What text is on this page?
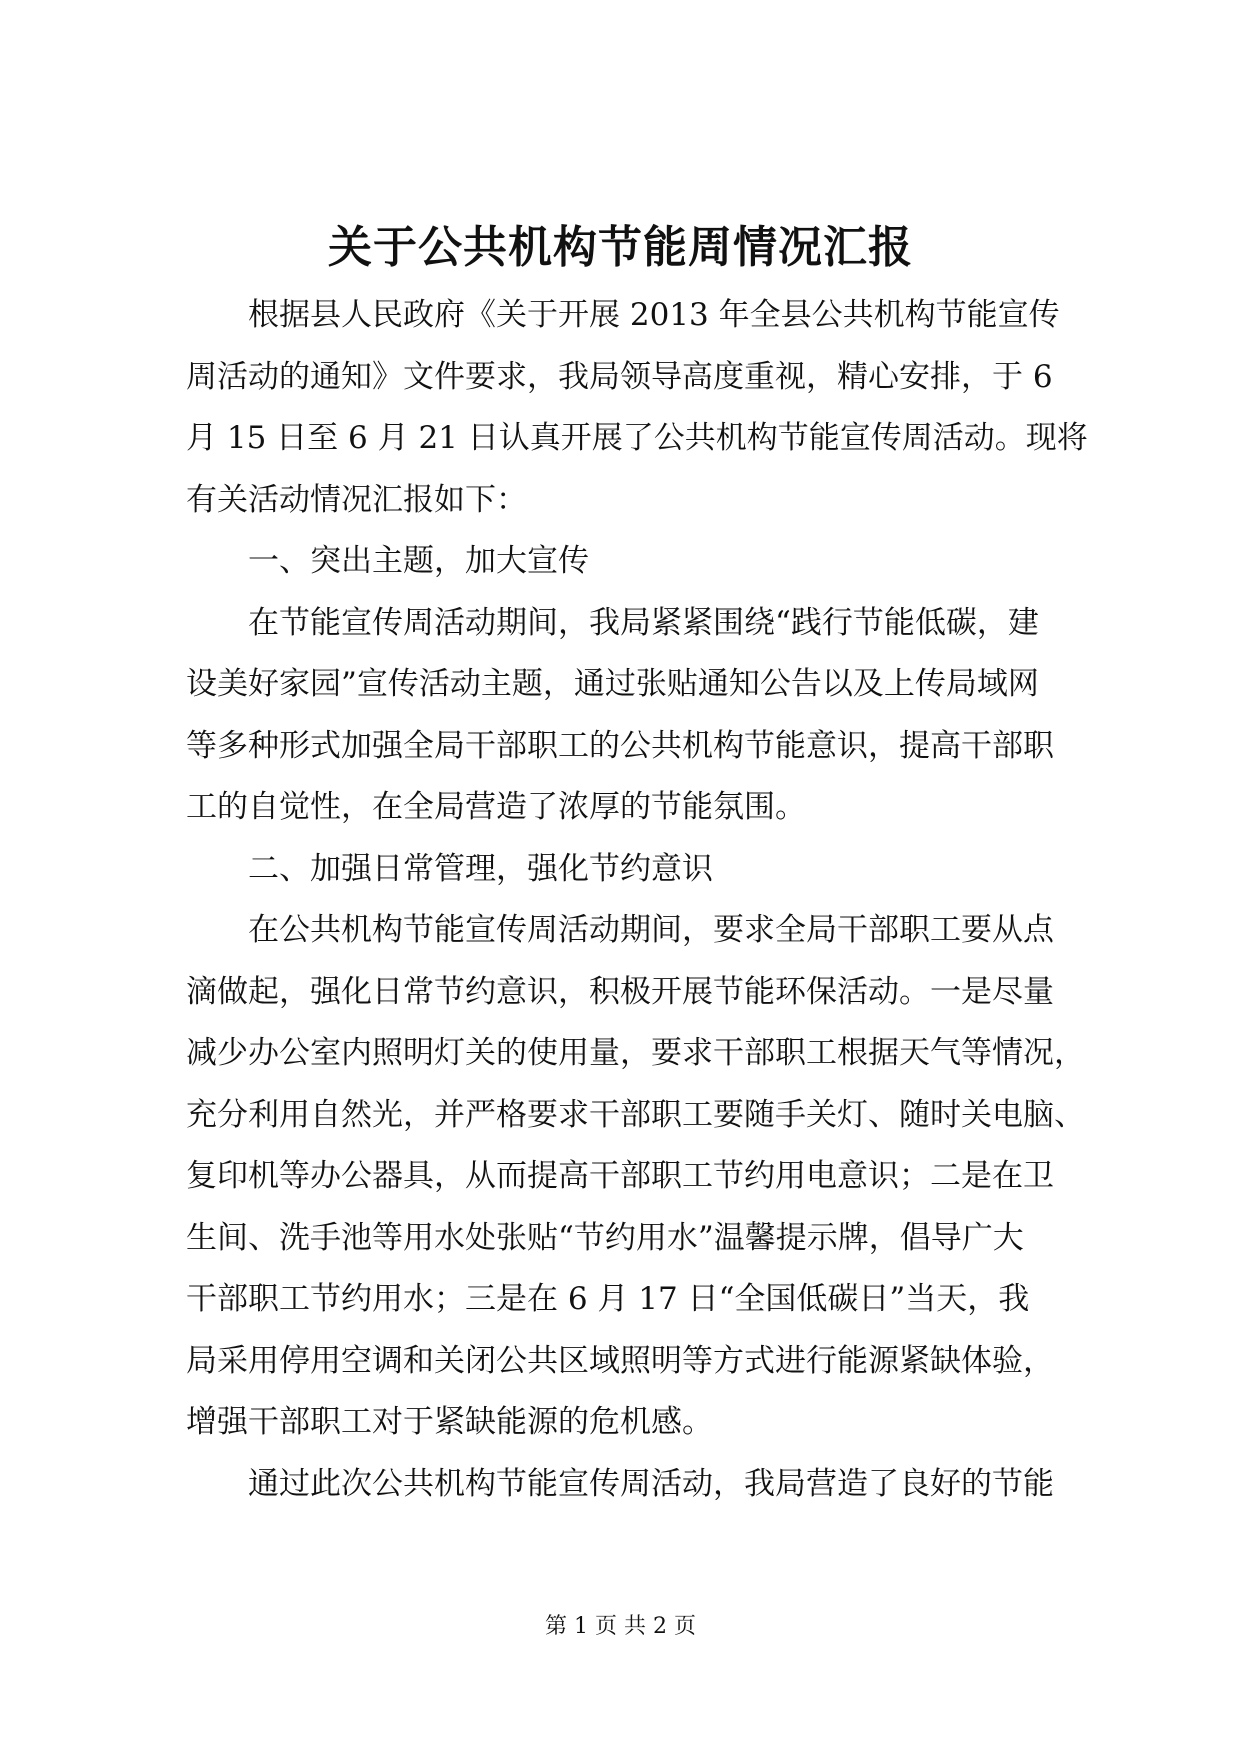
关于公共机构节能周情况汇报
根据县人民政府《关于开展 2013 年全县公共机构节能宣传
周活动的通知》文件要求，我局领导高度重视，精心安排，于 6
月 15 日至 6 月 21 日认真开展了公共机构节能宣传周活动。现将
有关活动情况汇报如下：
一、突出主题，加大宣传
在节能宣传周活动期间，我局紧紧围绕“践行节能低碳，建
设美好家园”宣传活动主题，通过张贴通知公告以及上传局域网
等多种形式加强全局干部职工的公共机构节能意识，提高干部职
工的自觉性，在全局营造了浓厚的节能氛围。
二、加强日常管理，强化节约意识
在公共机构节能宣传周活动期间，要求全局干部职工要从点
滴做起，强化日常节约意识，积极开展节能环保活动。一是尽量
减少办公室内照明灯关的使用量，要求干部职工根据天气等情况，
充分利用自然光，并严格要求干部职工要随手关灯、随时关电脑、
复印机等办公器具，从而提高干部职工节约用电意识；二是在卫
生间、洗手池等用水处张贴“节约用水”温馨提示牌，倡导广大
干部职工节约用水；三是在 6 月 17 日“全国低碳日”当天，我
局采用停用空调和关闭公共区域照明等方式进行能源紧缺体验，
增强干部职工对于紧缺能源的危机感。
通过此次公共机构节能宣传周活动，我局营造了良好的节能
第 1 页 共 2 页
